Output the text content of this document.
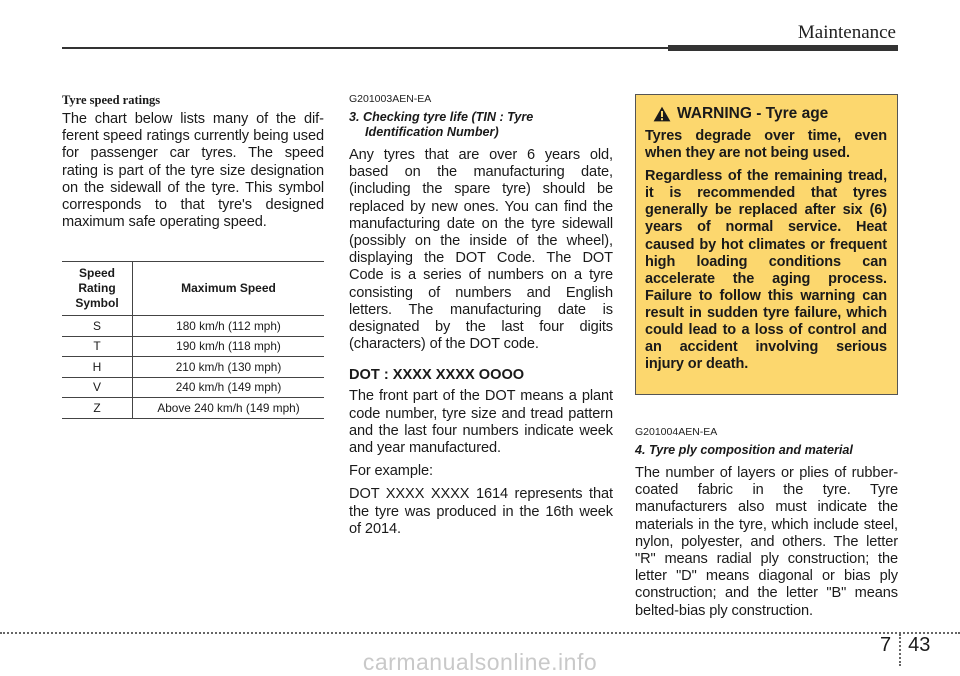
Maintenance
Tyre speed ratings

The chart below lists many of the different speed ratings currently being used for passenger car tyres. The speed rating is part of the tyre size designation on the sidewall of the tyre. This symbol corresponds to that tyre's designed maximum safe operating speed.

Speed
Rating
Symbol	Maximum Speed
S	180 km/h (112 mph)
T	190 km/h (118 mph)
H	210 km/h (130 mph)
V	240 km/h (149 mph)
Z	Above 240 km/h (149 mph)
G201003AEN-EA
3. Checking tyre life (TIN : Tyre
Identification Number)

Any tyres that are over 6 years old, based on the manufacturing date, (including the spare tyre) should be replaced by new ones. You can find the manufacturing date on the tyre sidewall (possibly on the inside of the wheel), displaying the DOT Code. The DOT Code is a series of numbers on a tyre consisting of numbers and English letters. The manufacturing date is designated by the last four digits (characters) of the DOT code.

DOT : XXXX XXXX OOOO

The front part of the DOT means a plant code number, tyre size and tread pattern and the last four numbers indicate week and year manufactured.

For example:

DOT XXXX XXXX 1614 represents that the tyre was produced in the 16th week of 2014.

WARNING - Tyre age

Tyres degrade over time, even when they are not being used.

Regardless of the remaining tread, it is recommended that tyres generally be replaced after six (6) years of normal service. Heat caused by hot climates or frequent high loading conditions can accelerate the aging process. Failure to follow this warning can result in sudden tyre failure, which could lead to a loss of control and an accident involving serious injury or death.

G201004AEN-EA
4. Tyre ply composition and material

The number of layers or plies of rubber-coated fabric in the tyre. Tyre manufacturers also must indicate the materials in the tyre, which include steel, nylon, polyester, and others. The letter "R" means radial ply construction; the letter "D" means diagonal or bias ply construction; and the letter "B" means belted-bias ply construction.

7 43
carmanualsonline.info
